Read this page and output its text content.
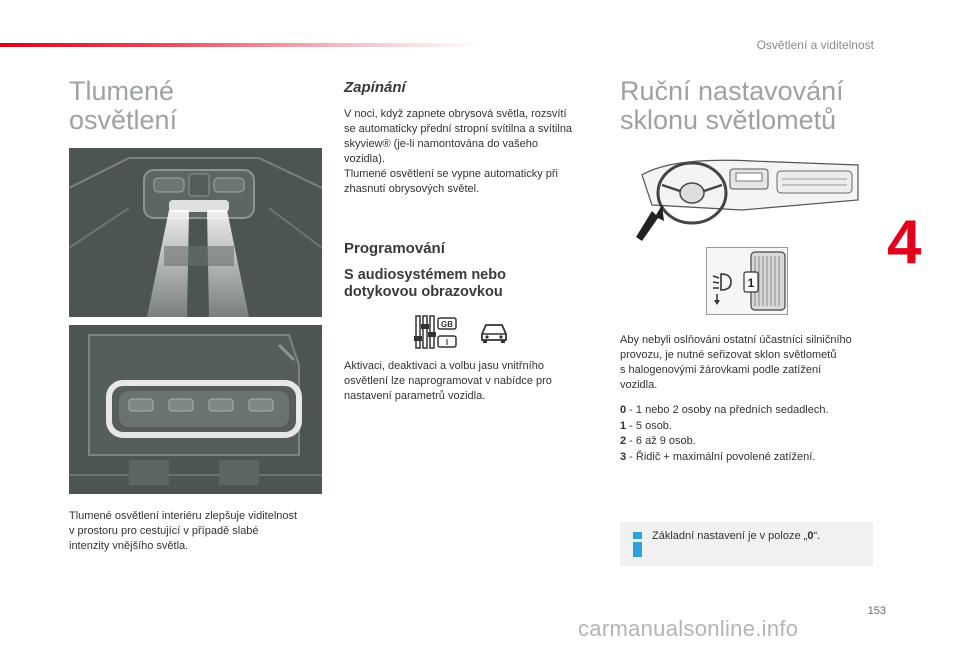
Osvětlení a viditelnost
4
Tlumené
osvětlení

Tlumené osvětlení interiéru zlepšuje viditelnost
v prostoru pro cestující v případě slabé
intenzity vnějšího světla.

Zapínání

V noci, když zapnete obrysová světla, rozsvítí
se automaticky přední stropní svítilna a svítilna
skyview® (je-li namontována do vašeho
vozidla).
Tlumené osvětlení se vypne automaticky při
zhasnutí obrysových světel.

Programování
S audiosystémem nebo
dotykovou obrazovkou
GB
I

Aktivaci, deaktivaci a volbu jasu vnitřního
osvětlení lze naprogramovat v nabídce pro
nastavení parametrů vozidla.

Ruční nastavování
sklonu světlometů
1

Aby nebyli oslňováni ostatní účastníci silničního
provozu, je nutné seřizovat sklon světlometů
s halogenovými žárovkami podle zatížení
vozidla.

0 - 1 nebo 2 osoby na předních sedadlech.
1 - 5 osob.
2 - 6 až 9 osob.
3 - Řidič + maximální povolené zatížení.
Základní nastavení je v poloze „0“.
153
carmanualsonline.info
